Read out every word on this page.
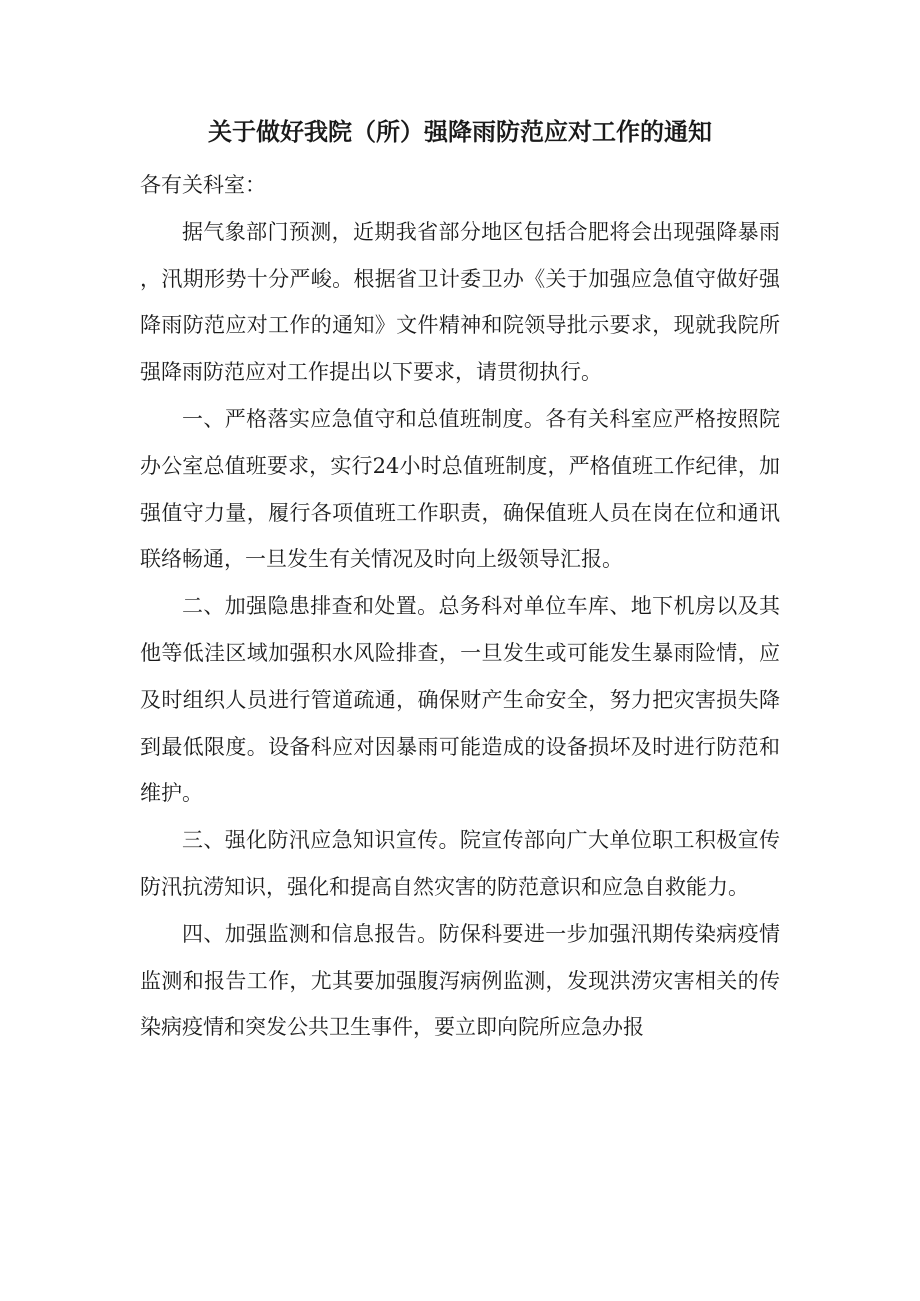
关于做好我院（所）强降雨防范应对工作的通知

各有关科室：

据气象部门预测，近期我省部分地区包括合肥将会出现强降暴雨，汛期形势十分严峻。根据省卫计委卫办《关于加强应急值守做好强降雨防范应对工作的通知》文件精神和院领导批示要求，现就我院所强降雨防范应对工作提出以下要求，请贯彻执行。

一、严格落实应急值守和总值班制度。各有关科室应严格按照院办公室总值班要求，实行24小时总值班制度，严格值班工作纪律，加强值守力量，履行各项值班工作职责，确保值班人员在岗在位和通讯联络畅通，一旦发生有关情况及时向上级领导汇报。

二、加强隐患排查和处置。总务科对单位车库、地下机房以及其他等低洼区域加强积水风险排查，一旦发生或可能发生暴雨险情，应及时组织人员进行管道疏通，确保财产生命安全，努力把灾害损失降到最低限度。设备科应对因暴雨可能造成的设备损坏及时进行防范和维护。

三、强化防汛应急知识宣传。院宣传部向广大单位职工积极宣传防汛抗涝知识，强化和提高自然灾害的防范意识和应急自救能力。

四、加强监测和信息报告。防保科要进一步加强汛期传染病疫情监测和报告工作，尤其要加强腹泻病例监测，发现洪涝灾害相关的传染病疫情和突发公共卫生事件，要立即向院所应急办报
